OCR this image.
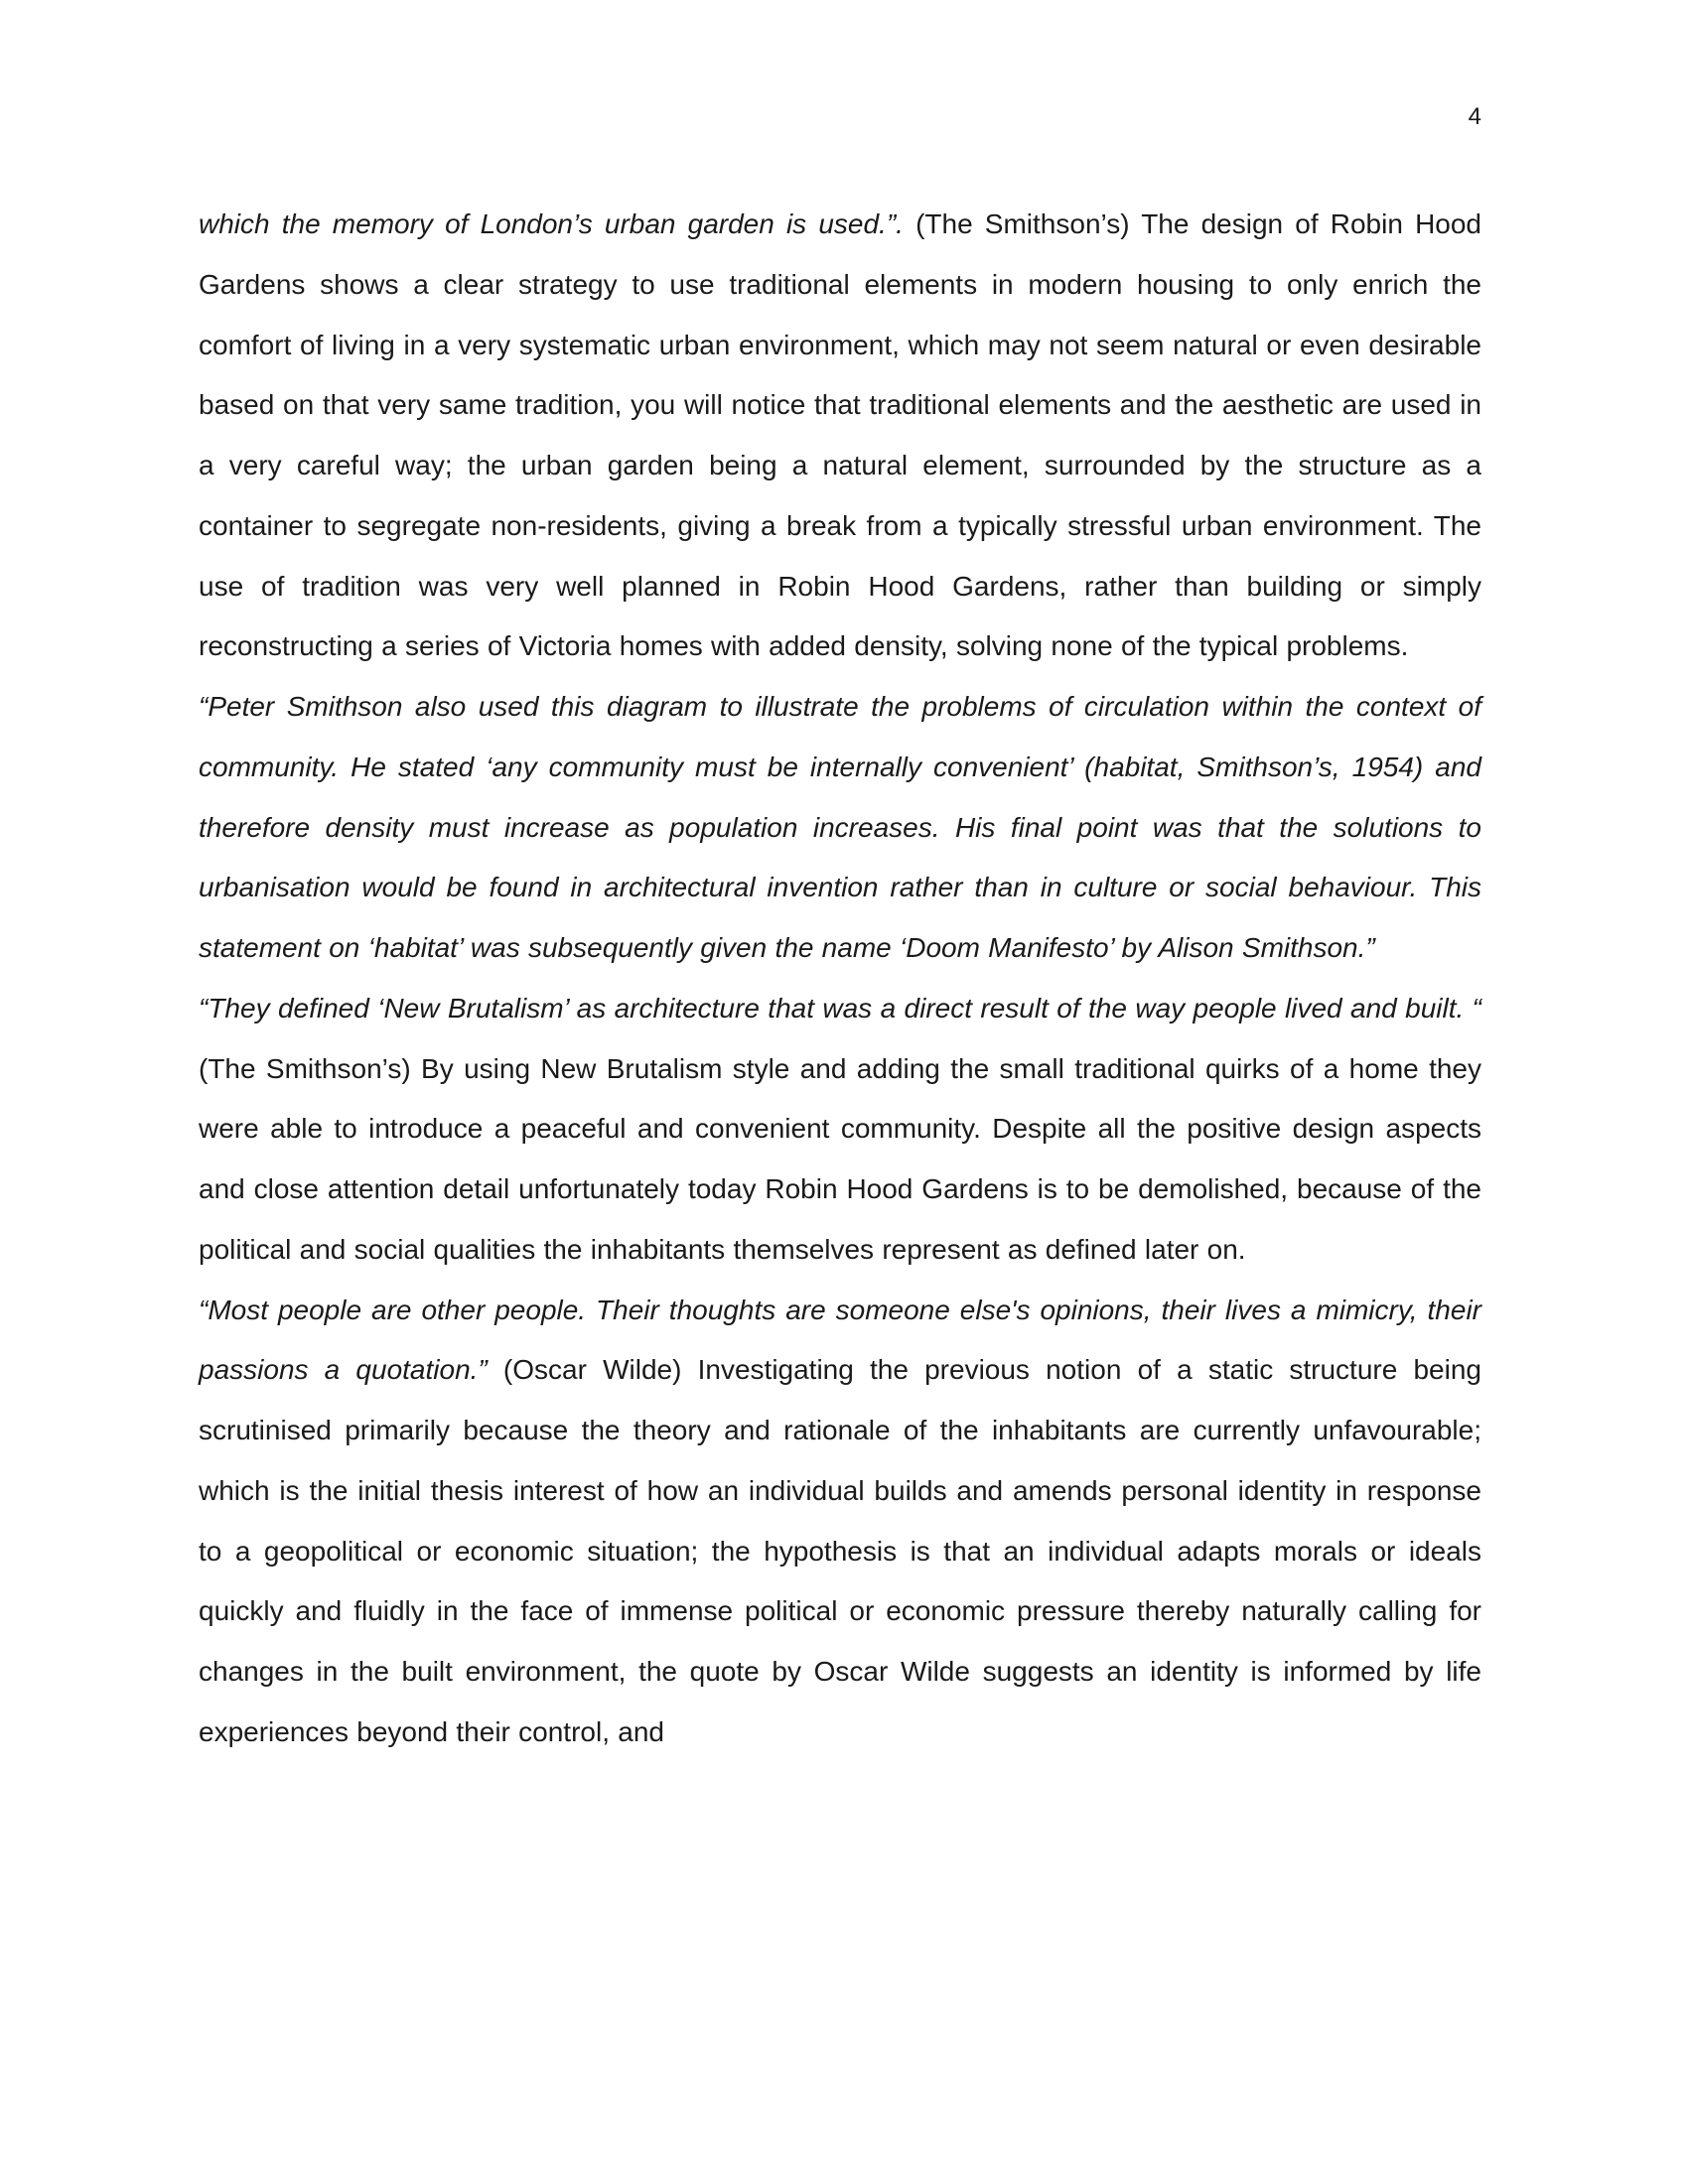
4

which the memory of London’s urban garden is used.”. (The Smithson’s) The design of Robin Hood Gardens shows a clear strategy to use traditional elements in modern housing to only enrich the comfort of living in a very systematic urban environment, which may not seem natural or even desirable based on that very same tradition, you will notice that traditional elements and the aesthetic are used in a very careful way; the urban garden being a natural element, surrounded by the structure as a container to segregate non-residents, giving a break from a typically stressful urban environment. The use of tradition was very well planned in Robin Hood Gardens, rather than building or simply reconstructing a series of Victoria homes with added density, solving none of the typical problems.

“Peter Smithson also used this diagram to illustrate the problems of circulation within the context of community. He stated ‘any community must be internally convenient’ (habitat, Smithson’s, 1954) and therefore density must increase as population increases. His final point was that the solutions to urbanisation would be found in architectural invention rather than in culture or social behaviour. This statement on ‘habitat’ was subsequently given the name ‘Doom Manifesto’ by Alison Smithson.”

“They defined ‘New Brutalism’ as architecture that was a direct result of the way people lived and built. “ (The Smithson’s) By using New Brutalism style and adding the small traditional quirks of a home they were able to introduce a peaceful and convenient community. Despite all the positive design aspects and close attention detail unfortunately today Robin Hood Gardens is to be demolished, because of the political and social qualities the inhabitants themselves represent as defined later on.

“Most people are other people. Their thoughts are someone else's opinions, their lives a mimicry, their passions a quotation.” (Oscar Wilde) Investigating the previous notion of a static structure being scrutinised primarily because the theory and rationale of the inhabitants are currently unfavourable; which is the initial thesis interest of how an individual builds and amends personal identity in response to a geopolitical or economic situation; the hypothesis is that an individual adapts morals or ideals quickly and fluidly in the face of immense political or economic pressure thereby naturally calling for changes in the built environment, the quote by Oscar Wilde suggests an identity is informed by life experiences beyond their control, and
